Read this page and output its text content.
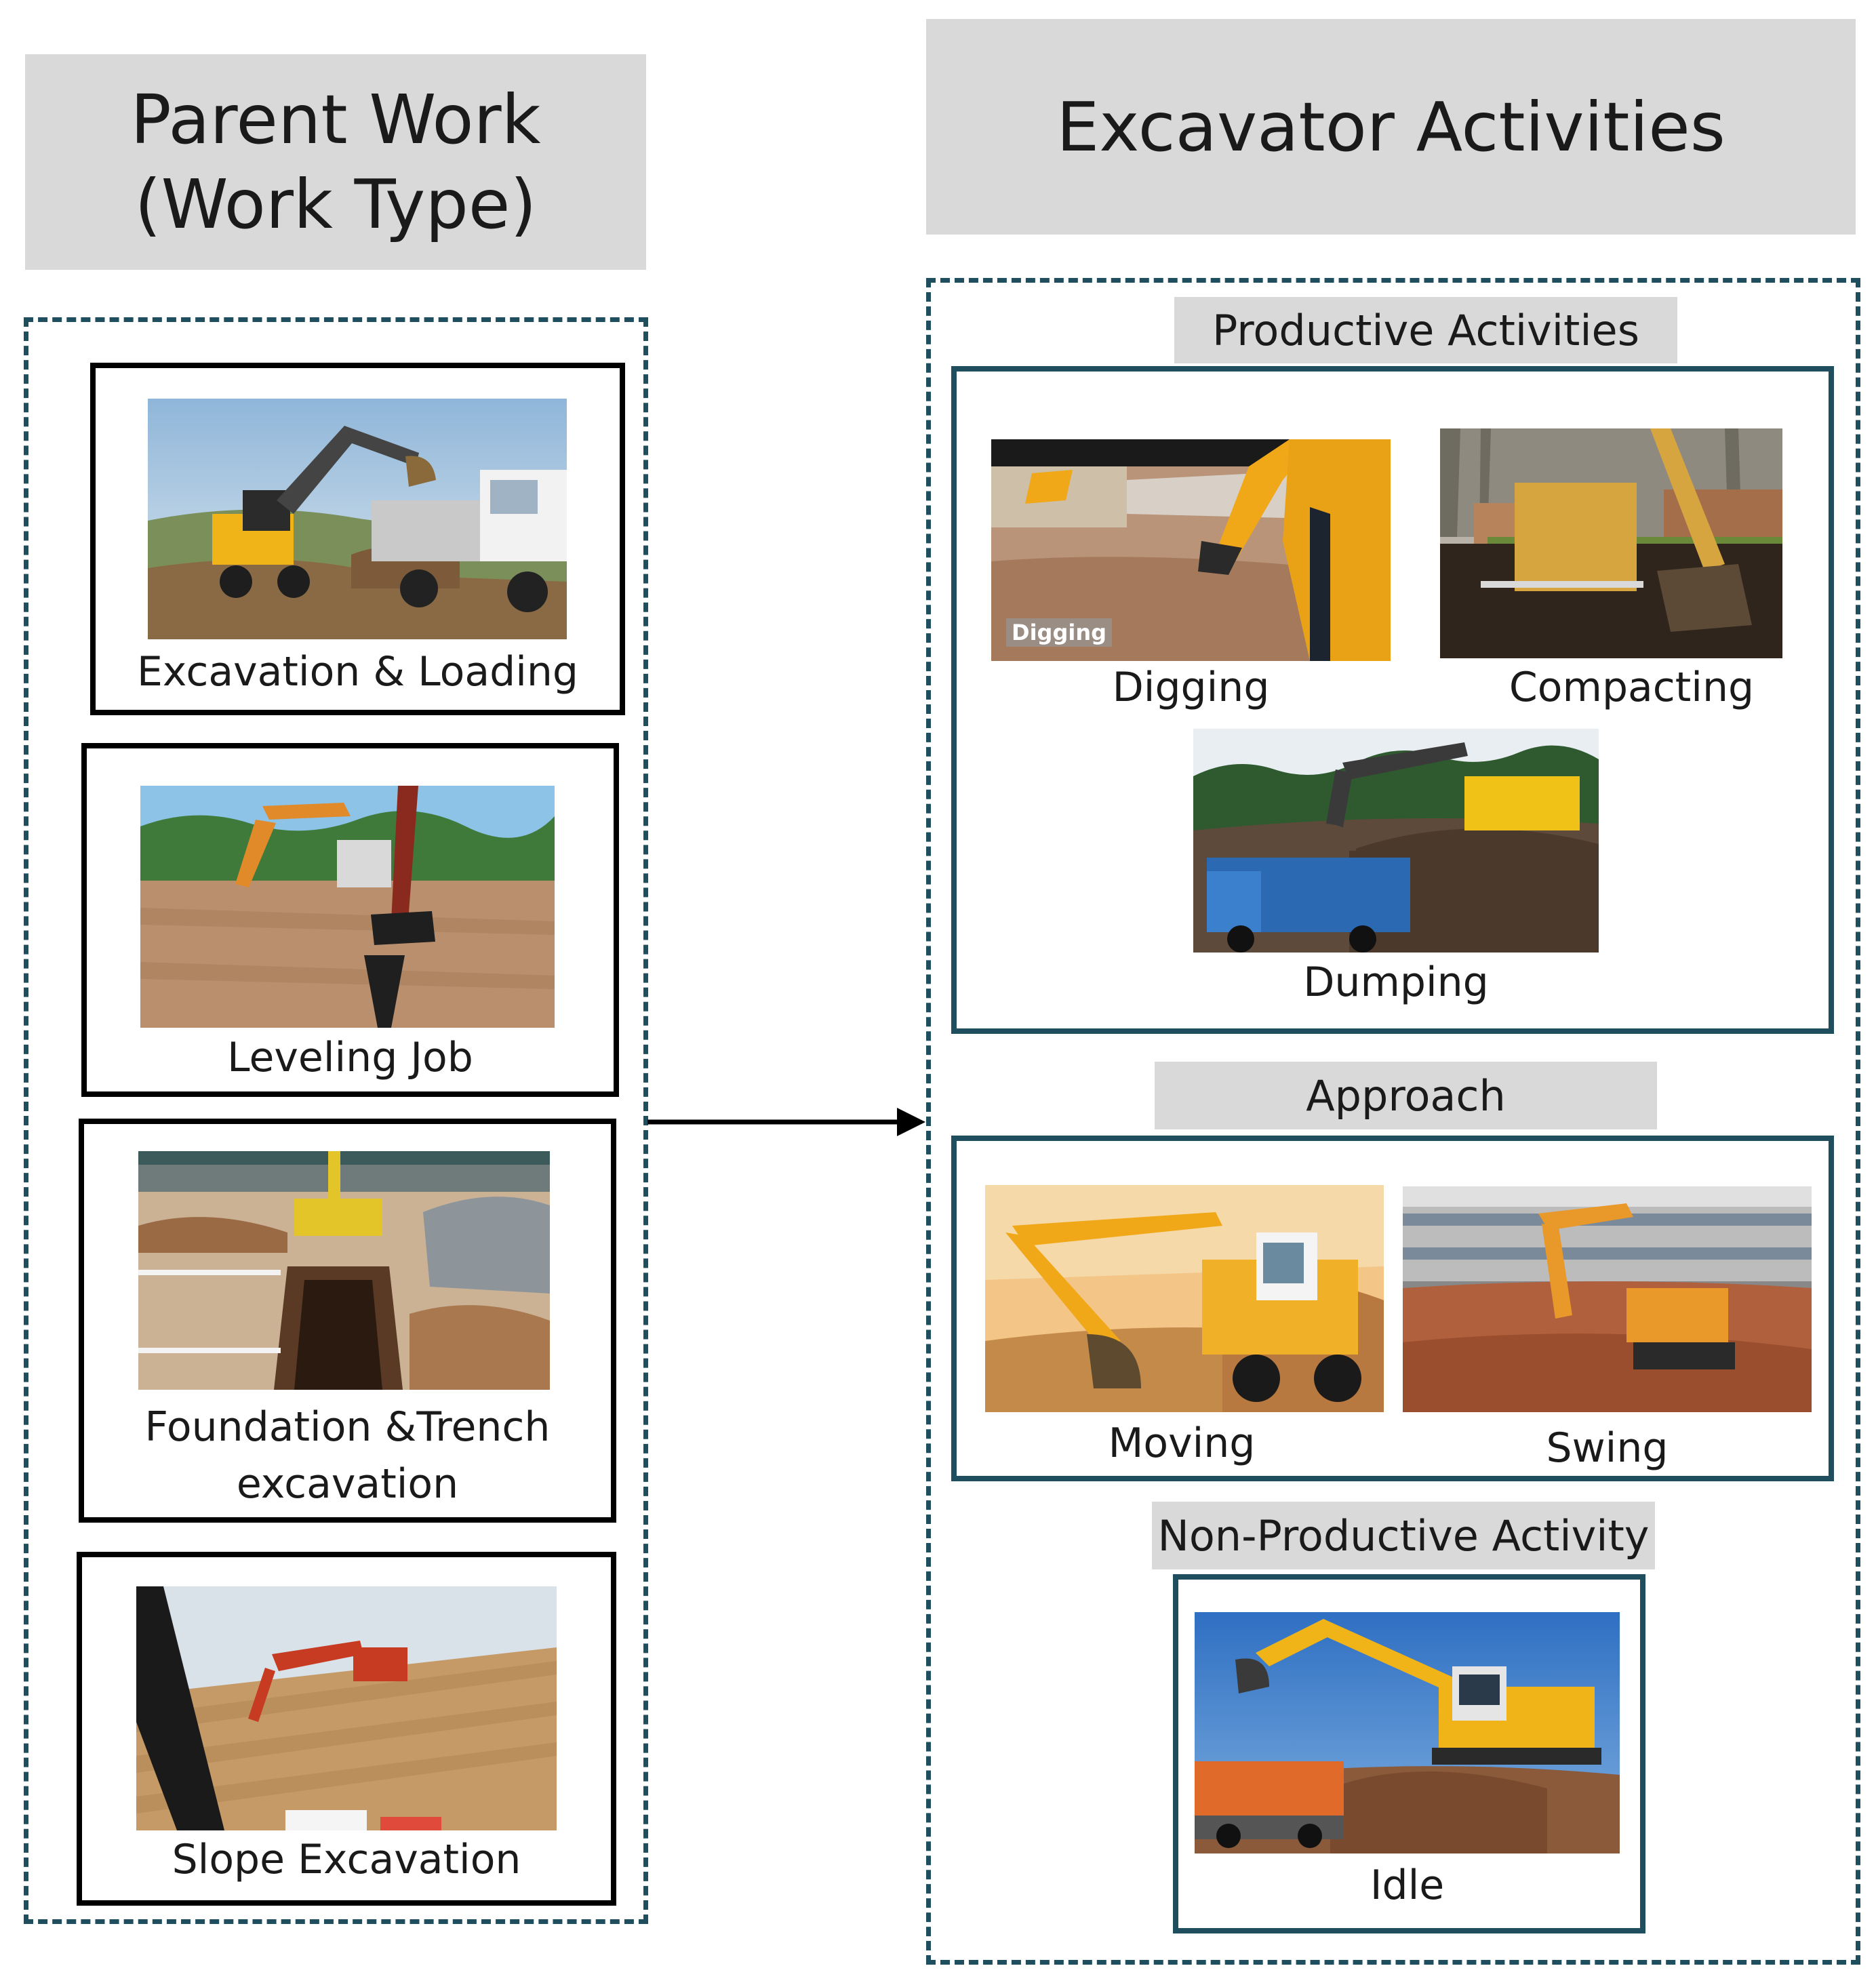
Parent Work
(Work Type)
Excavator Activities
Excavation & Loading
Leveling Job
Foundation &Trench
excavation
Slope Excavation
Productive Activities
Digging
Digging	Compacting
Dumping
Approach
Moving	Swing
Non-Productive Activity
Idle
